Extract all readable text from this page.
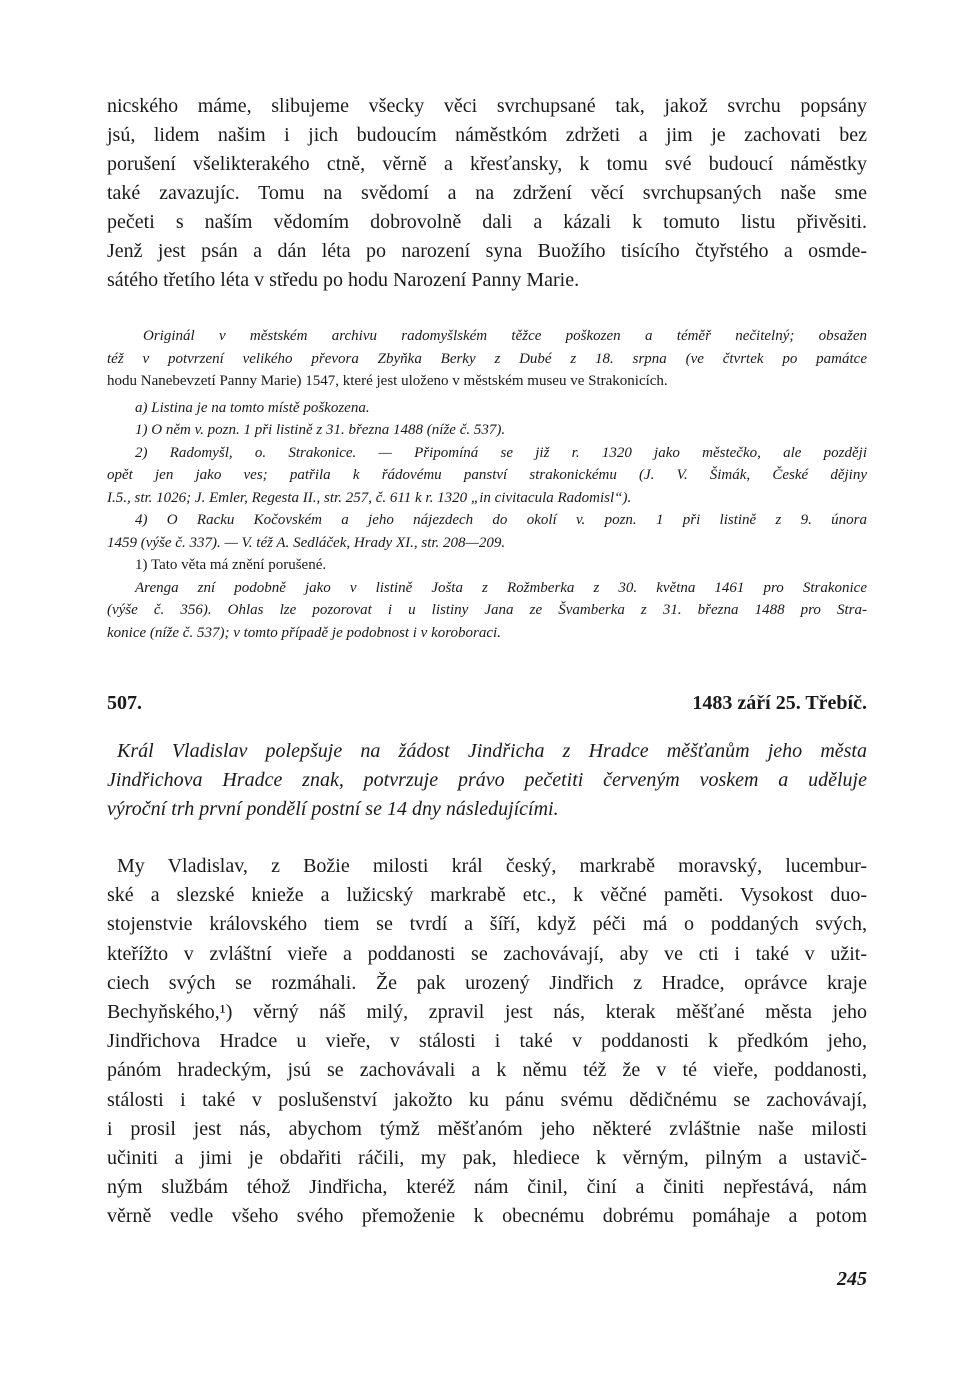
nicského máme, slibujeme všecky věci svrchupsané tak, jakož svrchu popsány
jsú, lidem našim i jich budoucím náměstkóm zdržeti a jim je zachovati bez
porušení všelikterakého ctně, věrně a křesťansky, k tomu své budoucí náměstky
také zavazujíc. Tomu na svědomí a na zdržení věcí svrchupsaných naše sme
pečeti s naším vědomím dobrovolně dali a kázali k tomuto listu přivěsiti.
Jenž jest psán a dán léta po narození syna Buožího tisícího čtyřstého a osmde-
sátého třetího léta v středu po hodu Narození Panny Marie.
Originál v městském archivu radomyšlském těžce poškozen a téměř nečitelný; obsažen
též v potvrzení velikého převora Zbyňka Berky z Dubé z 18. srpna (ve čtvrtek po památce
hodu Nanebevzetí Panny Marie) 1547, které jest uloženo v městském museu ve Strakonicích.
a) Listina je na tomto místě poškozena.
1) O něm v. pozn. 1 při listině z 31. března 1488 (níže č. 537).
2) Radomyšl, o. Strakonice. — Připomíná se již r. 1320 jako městečko, ale později
opět jen jako ves; patřila k řádovému panství strakonickému (J. V. Šimák, České dějiny
I.5., str. 1026; J. Emler, Regesta II., str. 257, č. 611 k r. 1320 „in civitacula Radomisl“).
4) O Racku Kočovském a jeho nájezdech do okolí v. pozn. 1 při listině z 9. února
1459 (výše č. 337). — V. též A. Sedláček, Hrady XI., str. 208—209.
1) Tato věta má znění porušené.
Arenga zní podobně jako v listině Jošta z Rožmberka z 30. května 1461 pro Strakonice
(výše č. 356). Ohlas lze pozorovat i u listiny Jana ze Švamberka z 31. března 1488 pro Stra-
konice (níže č. 537); v tomto případě je podobnost i v koroboraci.
507.	1483 září 25. Třebíč.
Král Vladislav polepšuje na žádost Jindřicha z Hradce měšťanům jeho města
Jindřichova Hradce znak, potvrzuje právo pečetiti červeným voskem a uděluje
výroční trh první pondělí postní se 14 dny následujícími.
My Vladislav, z Božie milosti král český, markrabě moravský, lucembur-
ské a slezské knieže a lužicský markrabě etc., k věčné paměti. Vysokost duo-
stojenstvie královského tiem se tvrdí a šíří, když péči má o poddaných svých,
kteřížto v zvláštní vieře a poddanosti se zachovávají, aby ve cti i také v užit-
ciech svých se rozmáhali. Že pak urozený Jindřich z Hradce, oprávce kraje
Bechyňského,¹) věrný náš milý, zpravil jest nás, kterak měšťané města jeho
Jindřichova Hradce u vieře, v stálosti i také v poddanosti k předkóm jeho,
pánóm hradeckým, jsú se zachovávali a k němu též že v té vieře, poddanosti,
stálosti i také v poslušenství jakožto ku pánu svému dědičnému se zachovávají,
i prosil jest nás, abychom týmž měšťanóm jeho některé zvláštnie naše milosti
učiniti a jimi je obdařiti ráčili, my pak, hlediece k věrným, pilným a ustavič-
ným službám téhož Jindřicha, kteréž nám činil, činí a činiti nepřestává, nám
věrně vedle všeho svého přemoženie k obecnému dobrému pomáhaje a potom
245
